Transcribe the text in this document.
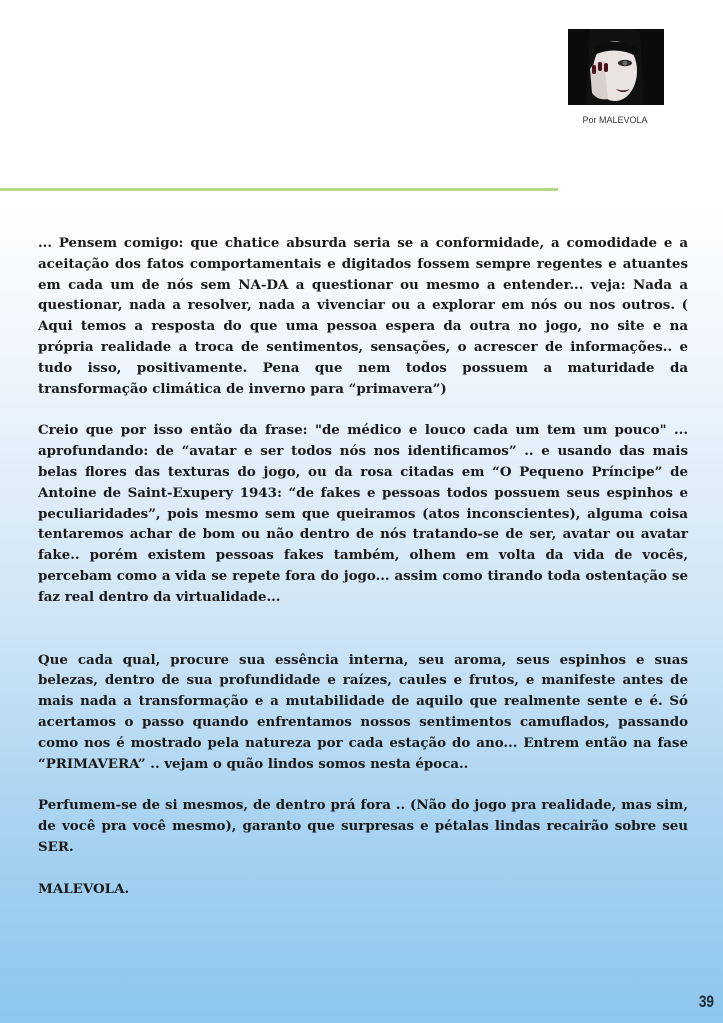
Por MALEVOLA

... Pensem comigo: que chatice absurda seria se a conformidade, a comodidade e a aceitação dos fatos comportamentais e digitados fossem sempre regentes e atuantes em cada um de nós sem NA-DA a questionar ou mesmo a entender... veja: Nada a questionar, nada a resolver, nada a vivenciar ou a explorar em nós ou nos outros. ( Aqui temos a resposta do que uma pessoa espera da outra no jogo, no site e na própria realidade a troca de sentimentos, sensações, o acrescer de informações.. e tudo isso, positivamente. Pena que nem todos possuem a maturidade da transformação climática de inverno para “primavera”)

Creio que por isso então da frase: "de médico e louco cada um tem um pouco" ... aprofundando: de “avatar e ser todos nós nos identificamos” .. e usando das mais belas flores das texturas do jogo, ou da rosa citadas em “O Pequeno Príncipe” de Antoine de Saint-Exupery 1943: “de fakes e pessoas todos possuem seus espinhos e peculiaridades”, pois mesmo sem que queiramos (atos inconscientes), alguma coisa tentaremos achar de bom ou não dentro de nós tratando-se de ser, avatar ou avatar fake.. porém existem pessoas fakes também, olhem em volta da vida de vocês, percebam como a vida se repete fora do jogo... assim como tirando toda ostentação se faz real dentro da virtualidade...

Que cada qual, procure sua essência interna, seu aroma, seus espinhos e suas belezas, dentro de sua profundidade e raízes, caules e frutos, e manifeste antes de mais nada a transformação e a mutabilidade de aquilo que realmente sente e é. Só acertamos o passo quando enfrentamos nossos sentimentos camuflados, passando como nos é mostrado pela natureza por cada estação do ano... Entrem então na fase “PRIMAVERA” .. vejam o quão lindos somos nesta época..

Perfumem-se de si mesmos, de dentro prá fora .. (Não do jogo pra realidade, mas sim, de você pra você mesmo), garanto que surpresas e pétalas lindas recairão sobre seu SER.

MALEVOLA.

39
